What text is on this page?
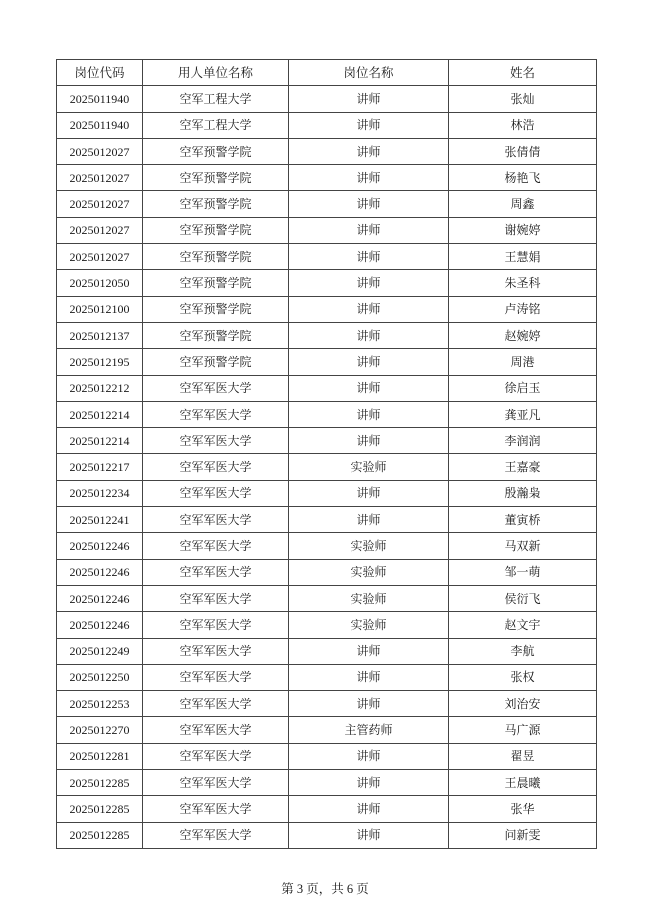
岗位代码	用人单位名称	岗位名称	姓名
2025011940	空军工程大学	讲师	张灿
2025011940	空军工程大学	讲师	林浩
2025012027	空军预警学院	讲师	张倩倩
2025012027	空军预警学院	讲师	杨艳飞
2025012027	空军预警学院	讲师	周鑫
2025012027	空军预警学院	讲师	谢婉婷
2025012027	空军预警学院	讲师	王慧娟
2025012050	空军预警学院	讲师	朱圣科
2025012100	空军预警学院	讲师	卢涛铭
2025012137	空军预警学院	讲师	赵婉婷
2025012195	空军预警学院	讲师	周港
2025012212	空军军医大学	讲师	徐启玉
2025012214	空军军医大学	讲师	龚亚凡
2025012214	空军军医大学	讲师	李润润
2025012217	空军军医大学	实验师	王嘉豪
2025012234	空军军医大学	讲师	殷瀚枭
2025012241	空军军医大学	讲师	董寅桥
2025012246	空军军医大学	实验师	马双新
2025012246	空军军医大学	实验师	邹一萌
2025012246	空军军医大学	实验师	侯衍飞
2025012246	空军军医大学	实验师	赵文宇
2025012249	空军军医大学	讲师	李航
2025012250	空军军医大学	讲师	张权
2025012253	空军军医大学	讲师	刘治安
2025012270	空军军医大学	主管药师	马广源
2025012281	空军军医大学	讲师	翟昱
2025012285	空军军医大学	讲师	王晨曦
2025012285	空军军医大学	讲师	张华
2025012285	空军军医大学	讲师	问新雯
第 3 页，共 6 页
